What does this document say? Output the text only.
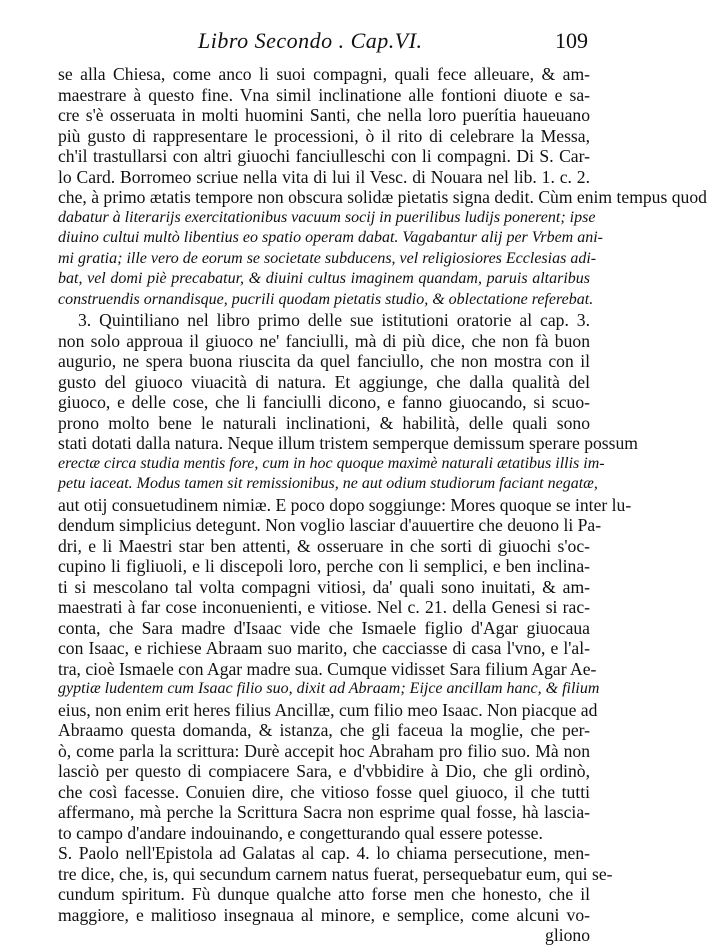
Libro Secondo . Cap.VI.	109
se alla Chiesa, come anco li suoi compagni, quali fece alleuare, & am-
maestrare à questo fine. Vna simil inclinatione alle fontioni diuote e sa-
cre s'è osseruata in molti huomini Santi, che nella loro puerítia haueuano
più gusto di rappresentare le processioni, ò il rito di celebrare la Messa,
ch'il trastullarsi con altri giuochi fanciulleschi con li compagni. Di S. Car-
lo Card. Borromeo scriue nella vita di lui il Vesc. di Nouara nel lib. 1. c. 2.
che, à primo ætatis tempore non obscura solidæ pietatis signa dedit. Cùm enim tempus quod
dabatur à literarijs exercitationibus vacuum socij in puerilibus ludijs ponerent; ipse
diuino cultui multò libentius eo spatio operam dabat. Vagabantur alij per Vrbem ani-
mi gratia; ille vero de eorum se societate subducens, vel religiosiores Ecclesias adi-
bat, vel domi piè precabatur, & diuini cultus imaginem quandam, paruis altaribus
construendis ornandisque, pucrili quodam pietatis studio, & oblectatione referebat.
3. Quintiliano nel libro primo delle sue istitutioni oratorie al cap. 3.
non solo approua il giuoco ne' fanciulli, mà di più dice, che non fà buon
augurio, ne spera buona riuscita da quel fanciullo, che non mostra con il
gusto del giuoco viuacità di natura. Et aggiunge, che dalla qualità del
giuoco, e delle cose, che li fanciulli dicono, e fanno giuocando, si scuo-
prono molto bene le naturali inclinationi, & habilità, delle quali sono
stati dotati dalla natura. Neque illum tristem semperque demissum sperare possum
erectæ circa studia mentis fore, cum in hoc quoque maximè naturali ætatibus illis im-
petu iaceat. Modus tamen sit remissionibus, ne aut odium studiorum faciant negatæ,
aut otij consuetudinem nimiæ. E poco dopo soggiunge: Mores quoque se inter lu-
dendum simplicius detegunt. Non voglio lasciar d'auuertire che deuono li Pa-
dri, e li Maestri star ben attenti, & osseruare in che sorti di giuochi s'oc-
cupino li figliuoli, e li discepoli loro, perche con li semplici, e ben inclina-
ti si mescolano tal volta compagni vitiosi, da' quali sono inuitati, & am-
maestrati à far cose inconuenienti, e vitiose. Nel c. 21. della Genesi si rac-
conta, che Sara madre d'Isaac vide che Ismaele figlio d'Agar giuocaua
con Isaac, e richiese Abraam suo marito, che cacciasse di casa l'vno, e l'al-
tra, cioè Ismaele con Agar madre sua. Cumque vidisset Sara filium Agar Ae-
gyptiæ ludentem cum Isaac filio suo, dixit ad Abraam; Eijce ancillam hanc, & filium
eius, non enim erit heres filius Ancillæ, cum filio meo Isaac. Non piacque ad
Abraamo questa domanda, & istanza, che gli faceua la moglie, che per-
ò, come parla la scrittura: Durè accepit hoc Abraham pro filio suo. Mà non
lasciò per questo di compiacere Sara, e d'vbbidire à Dio, che gli ordinò,
che così facesse. Conuien dire, che vitioso fosse quel giuoco, il che tutti
affermano, mà perche la Scrittura Sacra non esprime qual fosse, hà lascia-
to campo d'andare indouinando, e congetturando qual essere potesse.
S. Paolo nell'Epistola ad Galatas al cap. 4. lo chiama persecutione, men-
tre dice, che, is, qui secundum carnem natus fuerat, persequebatur eum, qui se-
cundum spiritum. Fù dunque qualche atto forse men che honesto, che il
maggiore, e malitioso insegnaua al minore, e semplice, come alcuni vo-
gliono
